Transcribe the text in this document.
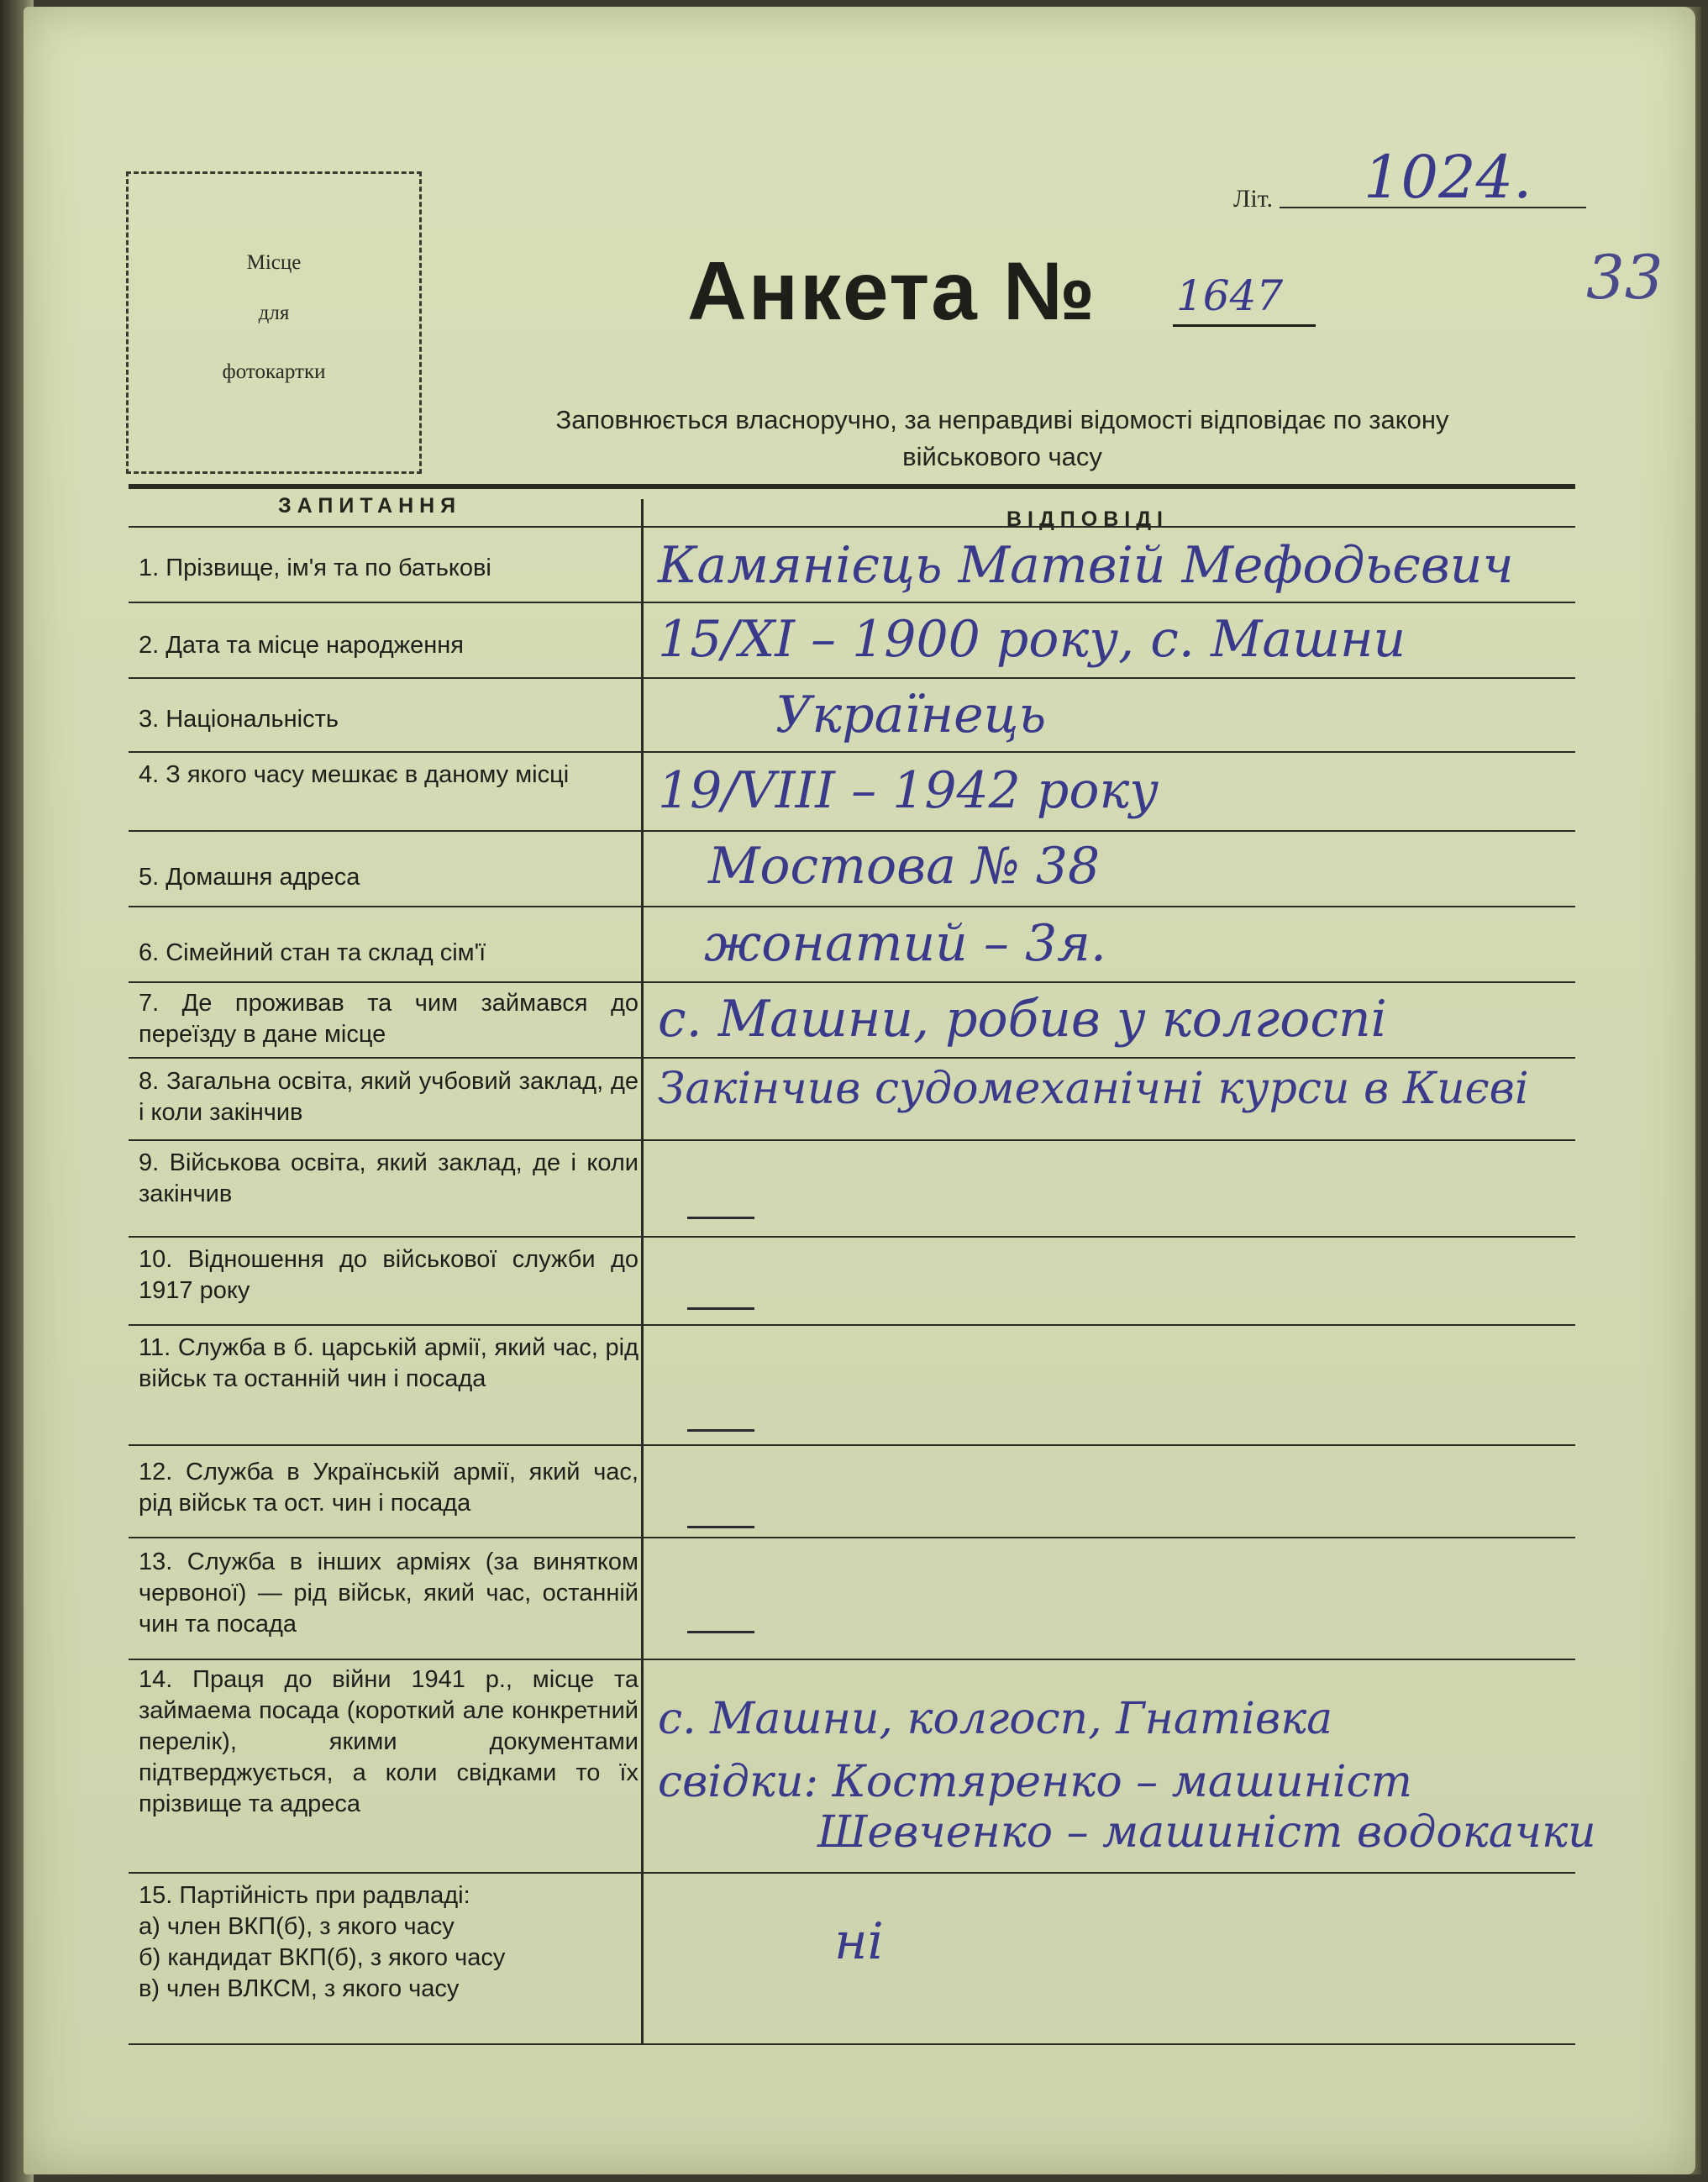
Місце
для
фотокартки
Літ. 1024.
33
Анкета № 1647
Заповнюється власноручно, за неправдиві відомості відповідає по закону
військового часу
ЗАПИТАННЯ
ВІДПОВІДІ
1. Прізвище, ім'я та по батькові	Камянієць Матвій Мефодьєвич
2. Дата та місце народження	15/XI – 1900 року, с. Машни
3. Національність	Українець
4. З якого часу мешкає в даному місці	19/VIII – 1942 року
5. Домашня адреса	Мостова № 38
6. Сімейний стан та склад сім'ї	жонатий – 3я.
7. Де проживав та чим займався до переїзду в дане місце	с. Машни, робив у колгоспі
8. Загальна освіта, який учбовий заклад, де і коли закінчив	Закінчив судомеханічні курси в Києві
9. Військова освіта, який заклад, де і коли закінчив
10. Відношення до військової служби до 1917 року
11. Служба в б. царській армії, який час, рід військ та останній чин і посада
12. Служба в Українській армії, який час, рід військ та ост. чин і посада
13. Служба в інших арміях (за винятком червоної) — рід військ, який час, останній чин та посада
14. Праця до війни 1941 р., місце та займаема посада (короткий але конкретний перелік), якими документами підтверджується, а коли свідками то їх прізвище та адреса
с. Машни, колгосп, Гнатівка
свідки: Костяренко – машиніст
Шевченко – машиніст водокачки
15. Партійність при радвладі:
а) член ВКП(б), з якого часу
б) кандидат ВКП(б), з якого часу
в) член ВЛКСМ, з якого часу
ні
